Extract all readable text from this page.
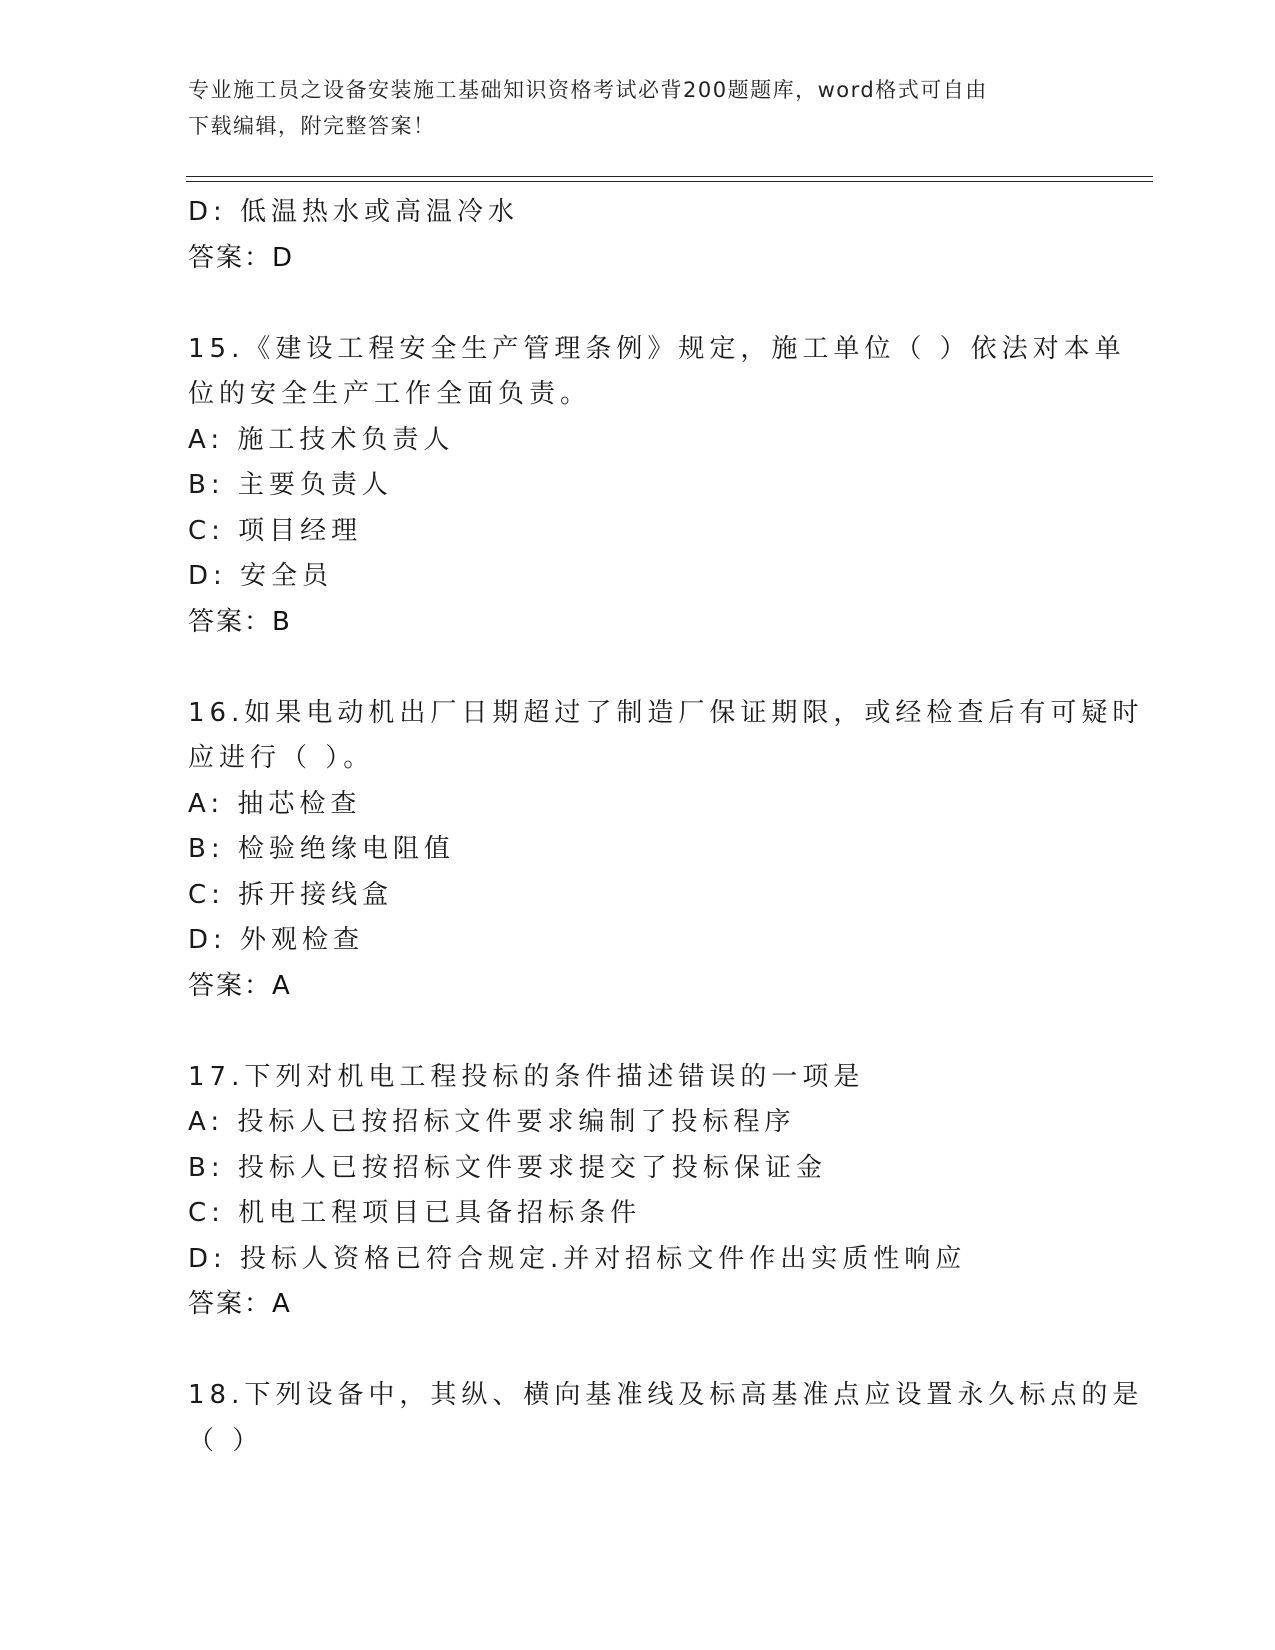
专业施工员之设备安装施工基础知识资格考试必背200题题库，word格式可自由
下载编辑，附完整答案！
D: 低温热水或高温冷水
答案：D
15.《建设工程安全生产管理条例》规定，施工单位（ ）依法对本单
位的安全生产工作全面负责。
A: 施工技术负责人
B: 主要负责人
C: 项目经理
D: 安全员
答案：B
16.如果电动机出厂日期超过了制造厂保证期限，或经检查后有可疑时
应进行（ ）。
A: 抽芯检查
B: 检验绝缘电阻值
C: 拆开接线盒
D: 外观检查
答案：A
17.下列对机电工程投标的条件描述错误的一项是
A: 投标人已按招标文件要求编制了投标程序
B: 投标人已按招标文件要求提交了投标保证金
C: 机电工程项目已具备招标条件
D: 投标人资格已符合规定.并对招标文件作出实质性响应
答案：A
18.下列设备中，其纵、横向基准线及标高基准点应设置永久标点的是
（ ）
